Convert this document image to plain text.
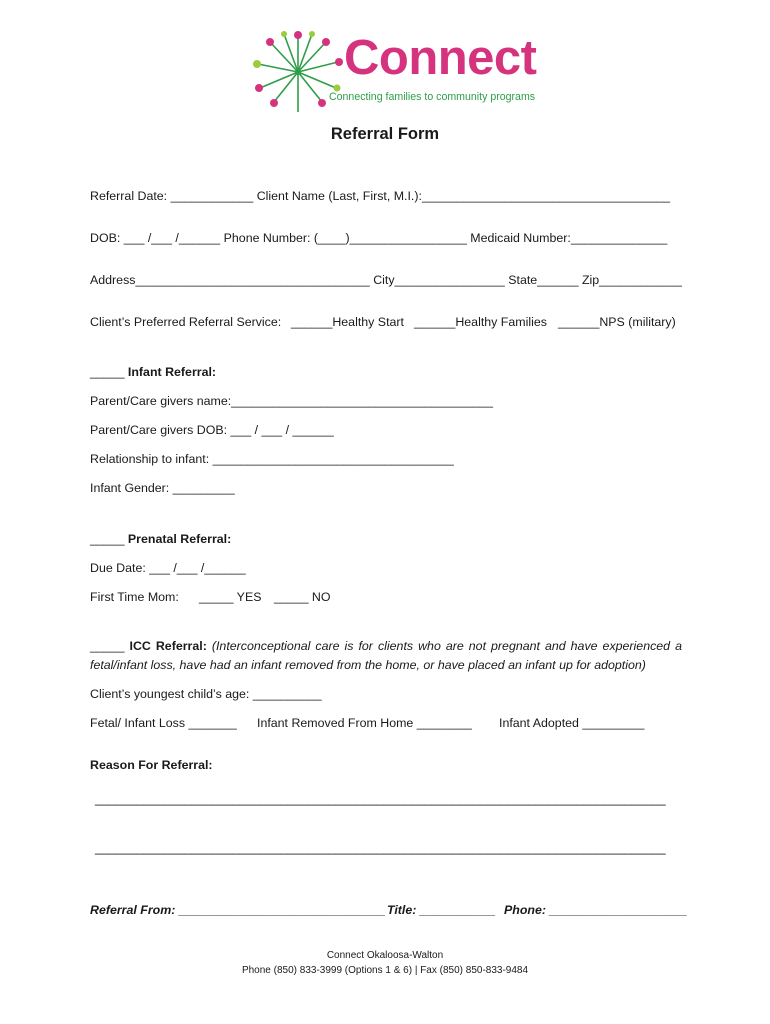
Connect
Connecting families to community programs
Referral Form
Referral Date: ____________ Client Name (Last, First, M.I.):____________________________________
DOB: ___ /___ /______ Phone Number: (____)_________________ Medicaid Number:______________
Address__________________________________ City________________ State______ Zip____________
Client’s Preferred Referral Service: ______Healthy Start ______Healthy Families ______NPS (military)
_____ Infant Referral:
Parent/Care givers name:______________________________________
Parent/Care givers DOB: ___ / ___ / ______
Relationship to infant: ___________________________________
Infant Gender: _________
_____ Prenatal Referral:
Due Date: ___ /___ /______
First Time Mom: _____ YES _____ NO
_____ ICC Referral: (Interconceptional care is for clients who are not pregnant and have experienced a
fetal/infant loss, have had an infant removed from the home, or have placed an infant up for adoption)
Client’s youngest child’s age: __________
Fetal/ Infant Loss _______ Infant Removed From Home ________ Infant Adopted _________
Reason For Referral:
___________________________________________________________________________________
___________________________________________________________________________________
Referral From: ______________________________ Title: ___________ Phone: ____________________
Connect Okaloosa-Walton
Phone (850) 833-3999 (Options 1 & 6) | Fax (850) 850-833-9484
